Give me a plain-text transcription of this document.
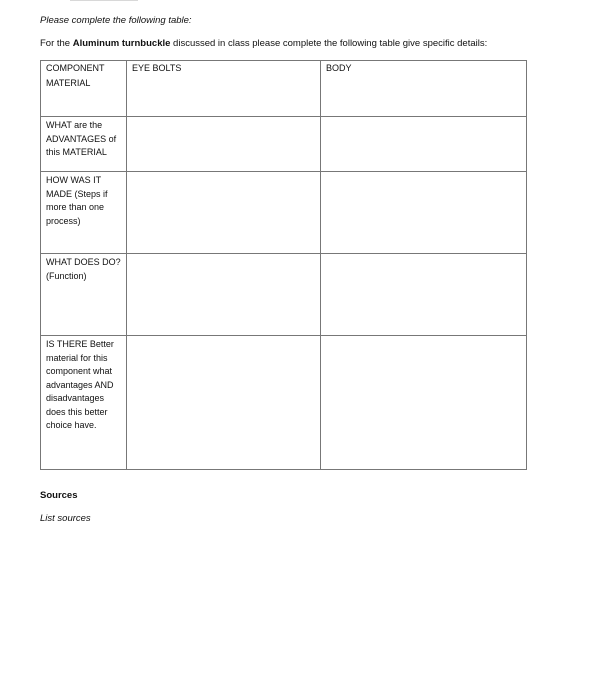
Please complete the following table:
For the Aluminum turnbuckle discussed in class please complete the following table give specific details:
COMPONENT	EYE BOLTS	BODY
MATERIAL		
WHAT are the ADVANTAGES of this MATERIAL		
HOW WAS IT MADE (Steps if more than one process)		
WHAT DOES DO? (Function)		
IS THERE Better material for this component what advantages AND disadvantages does this better choice have.		
Sources
List sources
